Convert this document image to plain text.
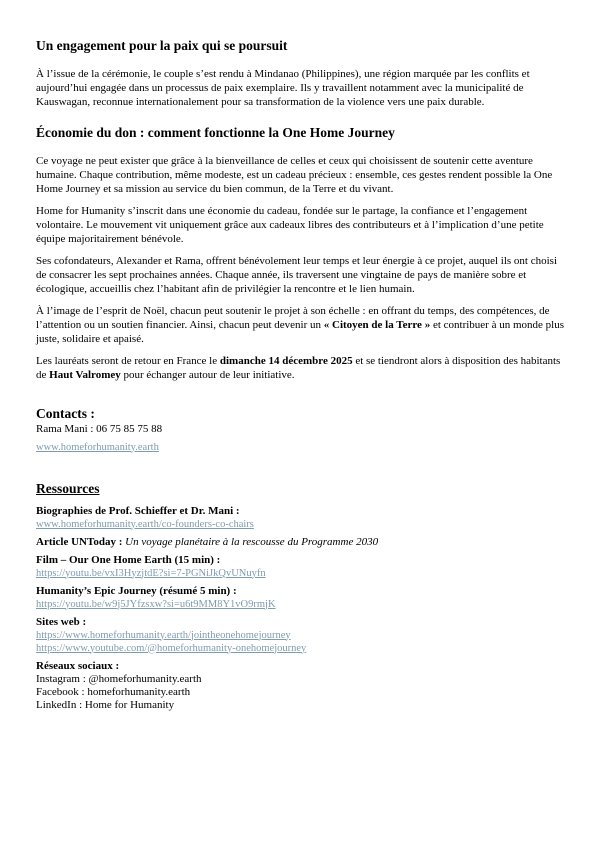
Un engagement pour la paix qui se poursuit

À l’issue de la cérémonie, le couple s’est rendu à Mindanao (Philippines), une région marquée par les conflits et aujourd’hui engagée dans un processus de paix exemplaire. Ils y travaillent notamment avec la municipalité de Kauswagan, reconnue internationalement pour sa transformation de la violence vers une paix durable.

Économie du don : comment fonctionne la One Home Journey

Ce voyage ne peut exister que grâce à la bienveillance de celles et ceux qui choisissent de soutenir cette aventure humaine. Chaque contribution, même modeste, est un cadeau précieux : ensemble, ces gestes rendent possible la One Home Journey et sa mission au service du bien commun, de la Terre et du vivant.

Home for Humanity s’inscrit dans une économie du cadeau, fondée sur le partage, la confiance et l’engagement volontaire. Le mouvement vit uniquement grâce aux cadeaux libres des contributeurs et à l’implication d’une petite équipe majoritairement bénévole.

Ses cofondateurs, Alexander et Rama, offrent bénévolement leur temps et leur énergie à ce projet, auquel ils ont choisi de consacrer les sept prochaines années. Chaque année, ils traversent une vingtaine de pays de manière sobre et écologique, accueillis chez l’habitant afin de privilégier la rencontre et le lien humain.

À l’image de l’esprit de Noël, chacun peut soutenir le projet à son échelle : en offrant du temps, des compétences, de l’attention ou un soutien financier. Ainsi, chacun peut devenir un « Citoyen de la Terre » et contribuer à un monde plus juste, solidaire et apaisé.

Les lauréats seront de retour en France le dimanche 14 décembre 2025 et se tiendront alors à disposition des habitants de Haut Valromey pour échanger autour de leur initiative.

Contacts :
Rama Mani : 06 75 85 75 88
www.homeforhumanity.earth
Ressources
Biographies de Prof. Schieffer et Dr. Mani :
www.homeforhumanity.earth/co-founders-co-chairs
Article UNToday : Un voyage planétaire à la rescousse du Programme 2030
Film – Our One Home Earth (15 min) :
https://youtu.be/vxI3HyzjtdE?si=7-PGNiJkQvUNuyfn
Humanity’s Epic Journey (résumé 5 min) :
https://youtu.be/w9j5JYfzsxw?si=u6t9MM8Y1vO9rmjK
Sites web :
https://www.homeforhumanity.earth/jointheonehomejourney
https://www.youtube.com/@homeforhumanity-onehomejourney
Réseaux sociaux :
Instagram : @homeforhumanity.earth
Facebook : homeforhumanity.earth
LinkedIn : Home for Humanity
